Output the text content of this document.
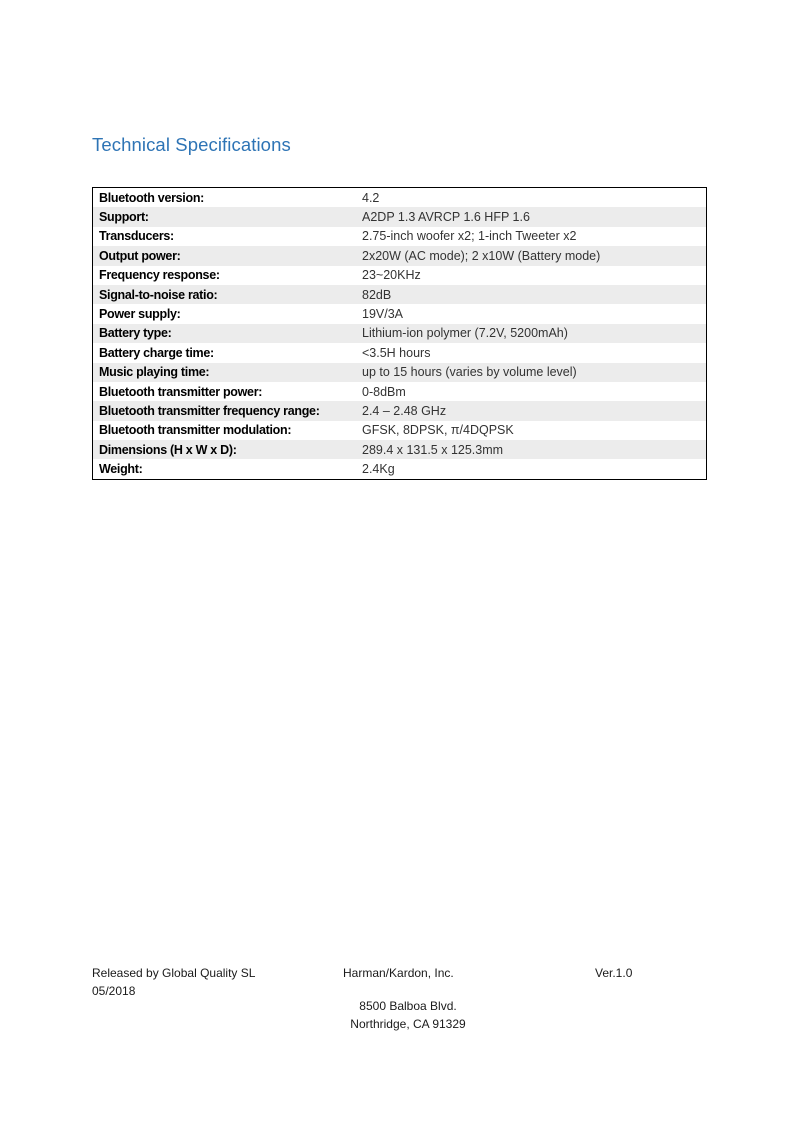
Technical Specifications
Bluetooth version:	4.2
Support:	A2DP 1.3 AVRCP 1.6 HFP 1.6
Transducers:	2.75-inch woofer x2; 1-inch Tweeter x2
Output power:	2x20W (AC mode); 2 x10W (Battery mode)
Frequency response:	23~20KHz
Signal-to-noise ratio:	82dB
Power supply:	19V/3A
Battery type:	Lithium-ion polymer (7.2V, 5200mAh)
Battery charge time:	<3.5H hours
Music playing time:	up to 15 hours (varies by volume level)
Bluetooth transmitter power:	0-8dBm
Bluetooth transmitter frequency range:	2.4 – 2.48 GHz
Bluetooth transmitter modulation:	GFSK, 8DPSK, π/4DQPSK
Dimensions (H x W x D):	289.4 x 131.5 x 125.3mm
Weight:	2.4Kg
Released by Global Quality SL
05/2018
Harman/Kardon, Inc.	Ver.1.0
8500 Balboa Blvd.
Northridge, CA 91329
